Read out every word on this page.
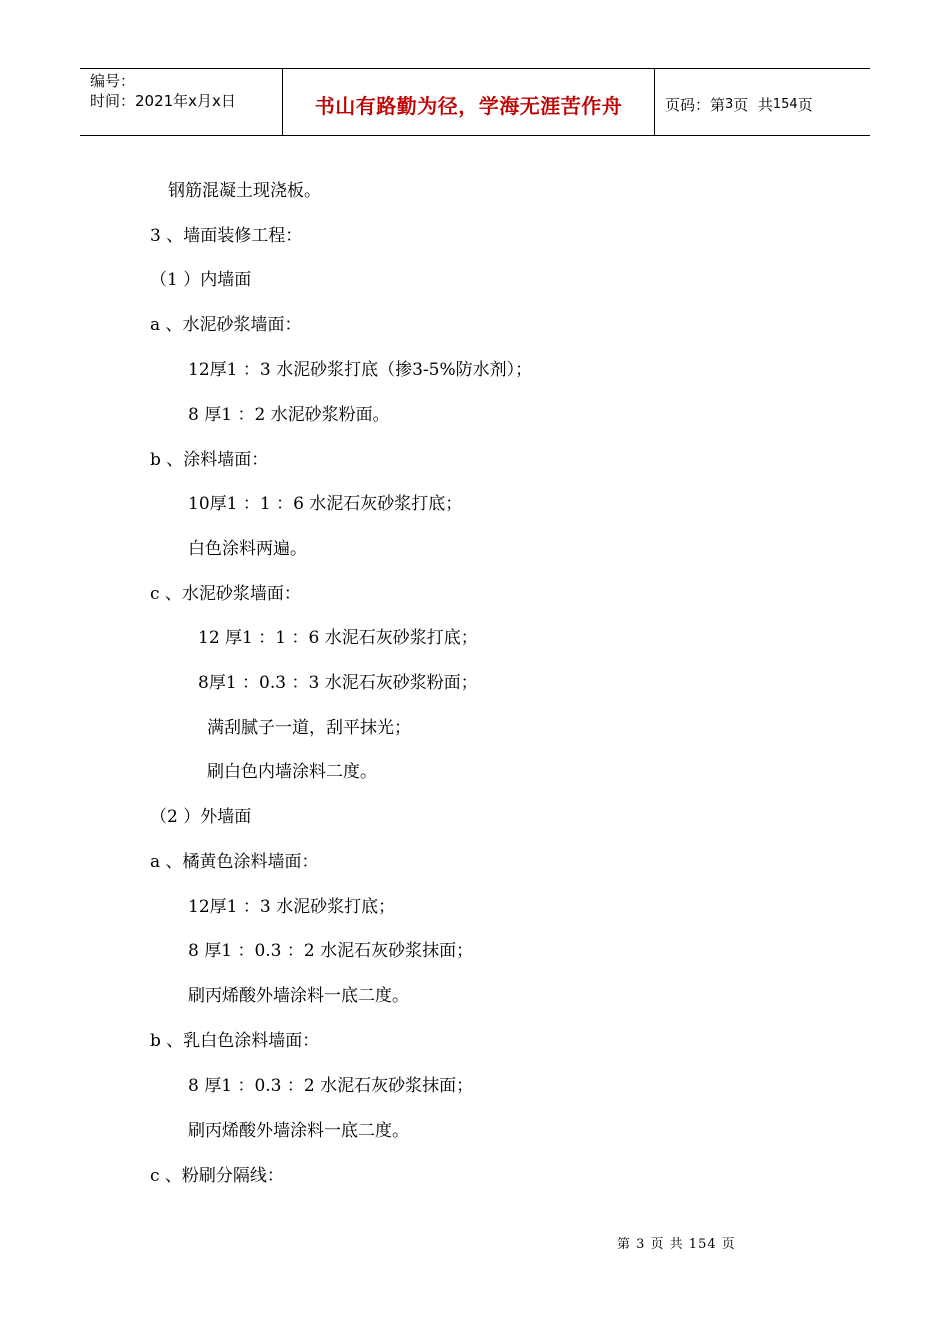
编号：
时间：2021年x月x日	书山有路勤为径，学海无涯苦作舟	页码：第 3 页  共 154 页
钢筋混凝土现浇板。
3 、墙面装修工程：
（1 ）内墙面
a 、水泥砂浆墙面：
12厚1 ：3 水泥砂浆打底（掺3-5%防水剂）；
8 厚1 ：2 水泥砂浆粉面。
b 、涂料墙面：
10厚1 ：1 ：6 水泥石灰砂浆打底；
白色涂料两遍。
c 、水泥砂浆墙面：
12 厚1 ：1 ：6 水泥石灰砂浆打底；
8厚1 ：0.3 ：3 水泥石灰砂浆粉面；
满刮腻子一道，刮平抹光；
刷白色内墙涂料二度。
（2 ）外墙面
a 、橘黄色涂料墙面：
12厚1 ：3 水泥砂浆打底；
8 厚1 ：0.3 ：2 水泥石灰砂浆抹面；
刷丙烯酸外墙涂料一底二度。
b 、乳白色涂料墙面：
8 厚1 ：0.3 ：2 水泥石灰砂浆抹面；
刷丙烯酸外墙涂料一底二度。
c 、粉刷分隔线：
第 3 页 共 154 页
